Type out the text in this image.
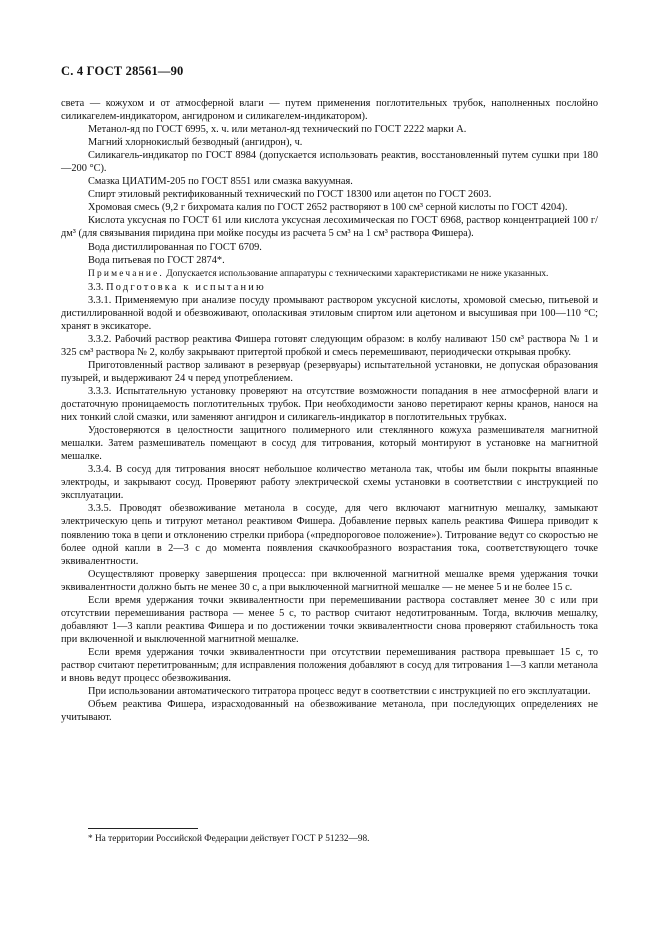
С. 4 ГОСТ 28561—90

света — кожухом и от атмосферной влаги — путем применения поглотительных трубок, наполненных послойно силикагелем-индикатором, ангидроном и силикагелем-индикатором).

Метанол-яд по ГОСТ 6995, х. ч. или метанол-яд технический по ГОСТ 2222 марки А.

Магний хлорнокислый безводный (ангидрон), ч.

Силикагель-индикатор по ГОСТ 8984 (допускается использовать реактив, восстановленный путем сушки при 180—200 °С).

Смазка ЦИАТИМ-205 по ГОСТ 8551 или смазка вакуумная.

Спирт этиловый ректификованный технический по ГОСТ 18300 или ацетон по ГОСТ 2603.

Хромовая смесь (9,2 г бихромата калия по ГОСТ 2652 растворяют в 100 см³ серной кислоты по ГОСТ 4204).

Кислота уксусная по ГОСТ 61 или кислота уксусная лесохимическая по ГОСТ 6968, раствор концентрацией 100 г/дм³ (для связывания пиридина при мойке посуды из расчета 5 см³ на 1 см³ раствора Фишера).

Вода дистиллированная по ГОСТ 6709.

Вода питьевая по ГОСТ 2874*.

Примечание. Допускается использование аппаратуры с техническими характеристиками не ниже указанных.

3.3. Подготовка к испытанию

3.3.1. Применяемую при анализе посуду промывают раствором уксусной кислоты, хромовой смесью, питьевой и дистиллированной водой и обезвоживают, ополаскивая этиловым спиртом или ацетоном и высушивая при 100—110 °С; хранят в эксикаторе.

3.3.2. Рабочий раствор реактива Фишера готовят следующим образом: в колбу наливают 150 см³ раствора № 1 и 325 см³ раствора № 2, колбу закрывают притертой пробкой и смесь перемешивают, периодически открывая пробку.

Приготовленный раствор заливают в резервуар (резервуары) испытательной установки, не допуская образования пузырей, и выдерживают 24 ч перед употреблением.

3.3.3. Испытательную установку проверяют на отсутствие возможности попадания в нее атмосферной влаги и достаточную проницаемость поглотительных трубок. При необходимости заново перетирают керны кранов, нанося на них тонкий слой смазки, или заменяют ангидрон и силикагель-индикатор в поглотительных трубках.

Удостоверяются в целостности защитного полимерного или стеклянного кожуха размешивателя магнитной мешалки. Затем размешиватель помещают в сосуд для титрования, который монтируют в установке на магнитной мешалке.

3.3.4. В сосуд для титрования вносят небольшое количество метанола так, чтобы им были покрыты впаянные электроды, и закрывают сосуд. Проверяют работу электрической схемы установки в соответствии с инструкцией по эксплуатации.

3.3.5. Проводят обезвоживание метанола в сосуде, для чего включают магнитную мешалку, замыкают электрическую цепь и титруют метанол реактивом Фишера. Добавление первых капель реактива Фишера приводит к появлению тока в цепи и отклонению стрелки прибора («предпороговое положение»). Титрование ведут со скоростью не более одной капли в 2—3 с до момента появления скачкообразного возрастания тока, соответствующего точке эквивалентности.

Осуществляют проверку завершения процесса: при включенной магнитной мешалке время удержания точки эквивалентности должно быть не менее 30 с, а при выключенной магнитной мешалке — не менее 5 и не более 15 с.

Если время удержания точки эквивалентности при перемешивании раствора составляет менее 30 с или при отсутствии перемешивания раствора — менее 5 с, то раствор считают недотитрованным. Тогда, включив мешалку, добавляют 1—3 капли реактива Фишера и по достижении точки эквивалентности снова проверяют стабильность тока при включенной и выключенной магнитной мешалке.

Если время удержания точки эквивалентности при отсутствии перемешивания раствора превышает 15 с, то раствор считают перетитрованным; для исправления положения добавляют в сосуд для титрования 1—3 капли метанола и вновь ведут процесс обезвоживания.

При использовании автоматического титратора процесс ведут в соответствии с инструкцией по его эксплуатации.

Объем реактива Фишера, израсходованный на обезвоживание метанола, при последующих определениях не учитывают.

* На территории Российской Федерации действует ГОСТ Р 51232—98.
